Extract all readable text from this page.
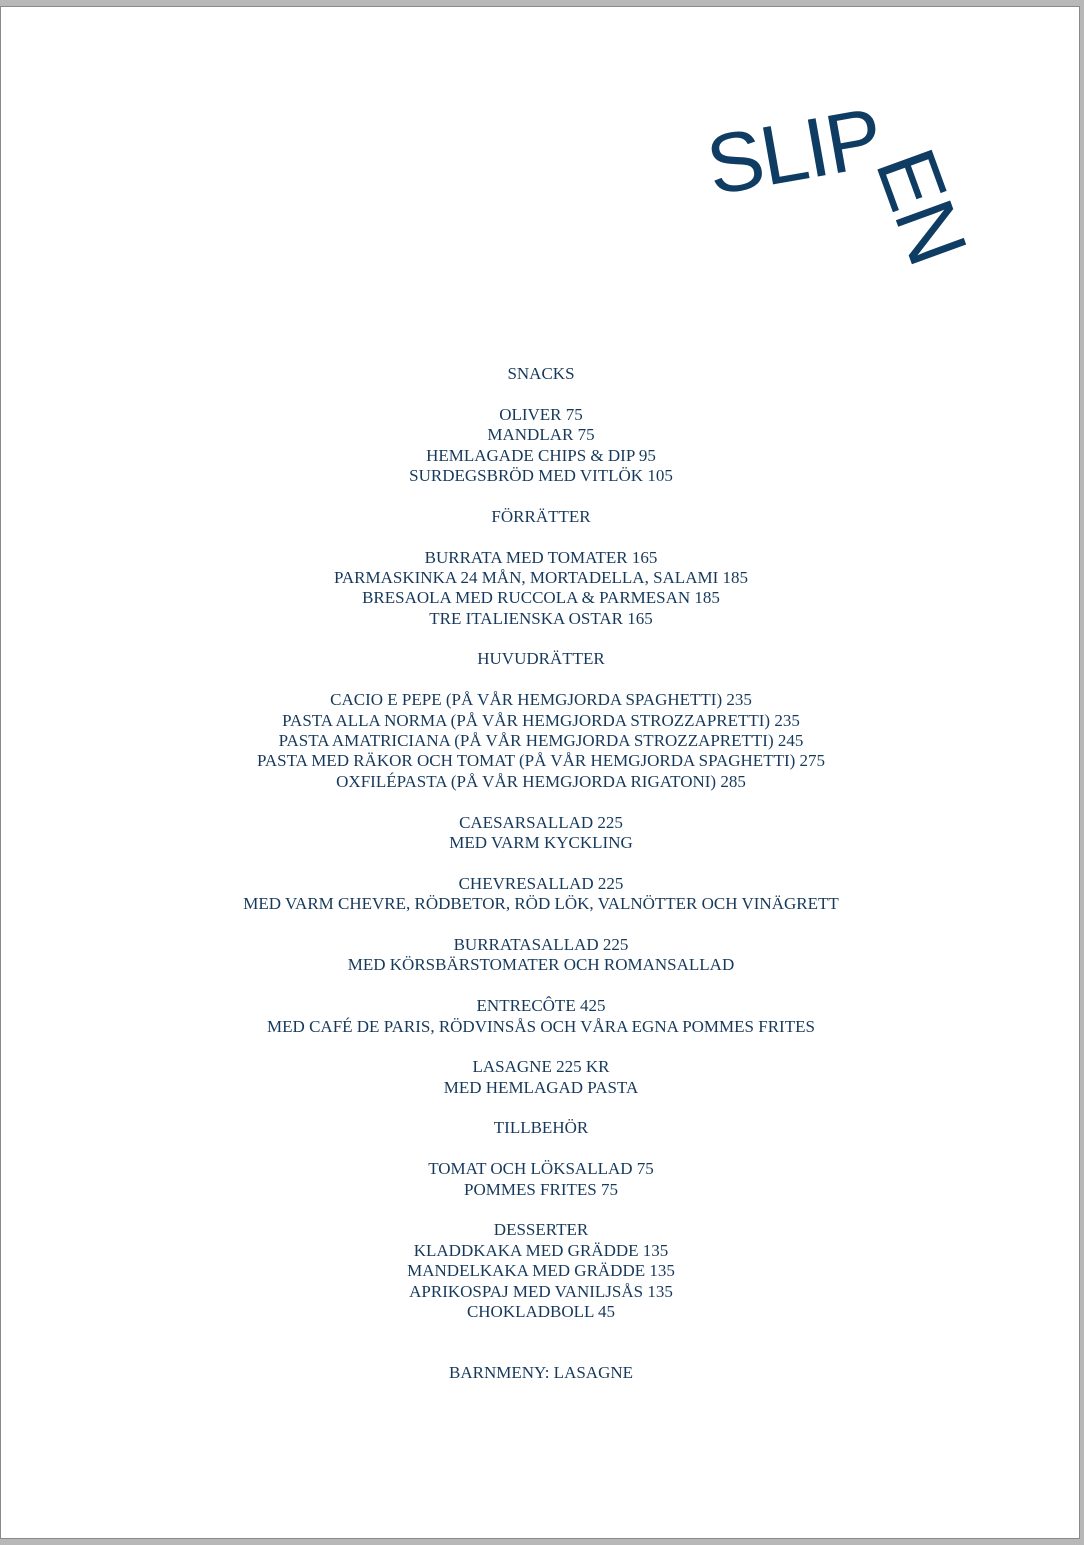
SLIP
EN
SNACKS
OLIVER 75
MANDLAR 75
HEMLAGADE CHIPS & DIP 95
SURDEGSBRÖD MED VITLÖK 105
FÖRRÄTTER
BURRATA MED TOMATER 165
PARMASKINKA 24 MÅN, MORTADELLA, SALAMI 185
BRESAOLA MED RUCCOLA & PARMESAN 185
TRE ITALIENSKA OSTAR 165
HUVUDRÄTTER
CACIO E PEPE (PÅ VÅR HEMGJORDA SPAGHETTI) 235
PASTA ALLA NORMA (PÅ VÅR HEMGJORDA STROZZAPRETTI) 235
PASTA AMATRICIANA (PÅ VÅR HEMGJORDA STROZZAPRETTI) 245
PASTA MED RÄKOR OCH TOMAT (PÅ VÅR HEMGJORDA SPAGHETTI) 275
OXFILÉPASTA (PÅ VÅR HEMGJORDA RIGATONI) 285
CAESARSALLAD 225
MED VARM KYCKLING
CHEVRESALLAD 225
MED VARM CHEVRE, RÖDBETOR, RÖD LÖK, VALNÖTTER OCH VINÄGRETT
BURRATASALLAD 225
MED KÖRSBÄRSTOMATER OCH ROMANSALLAD
ENTRECÔTE 425
MED CAFÉ DE PARIS, RÖDVINSÅS OCH VÅRA EGNA POMMES FRITES
LASAGNE 225 KR
MED HEMLAGAD PASTA
TILLBEHÖR
TOMAT OCH LÖKSALLAD 75
POMMES FRITES 75
DESSERTER
KLADDKAKA MED GRÄDDE 135
MANDELKAKA MED GRÄDDE 135
APRIKOSPAJ MED VANILJSÅS 135
CHOKLADBOLL 45
BARNMENY: LASAGNE
